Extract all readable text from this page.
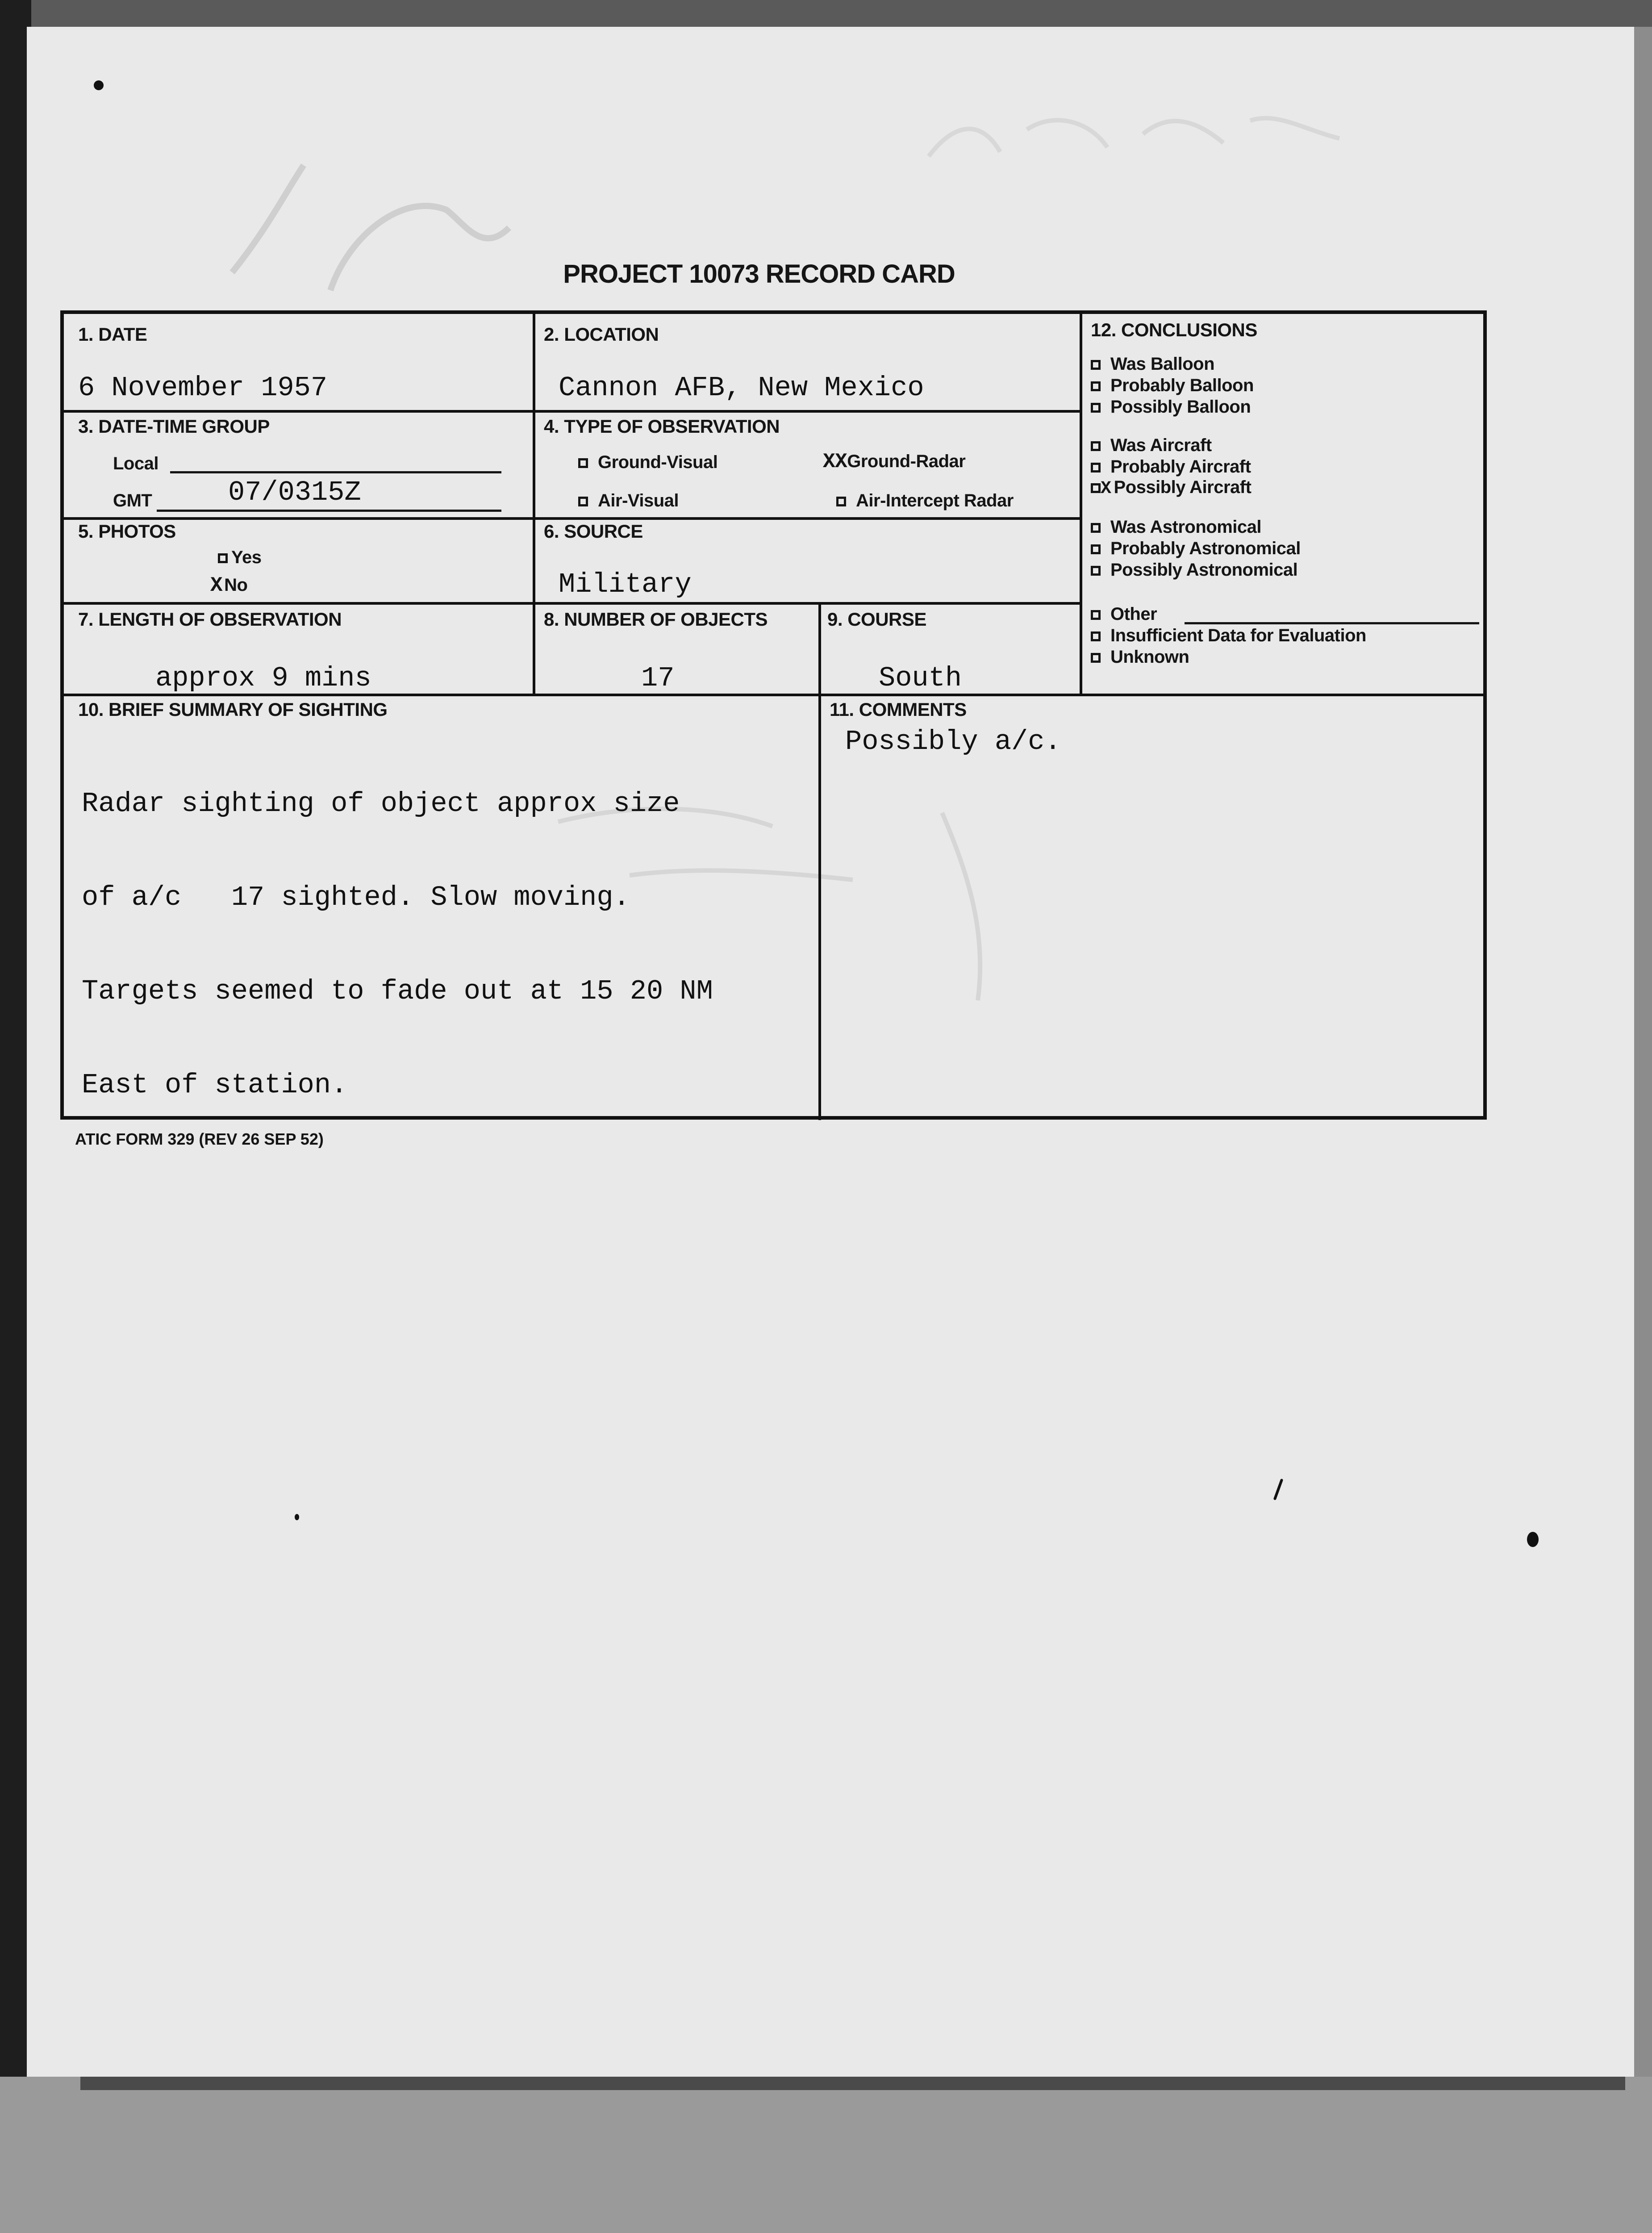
PROJECT 10073 RECORD CARD
1. DATE
6 November 1957
2. LOCATION
Cannon AFB, New Mexico
3. DATE-TIME GROUP
Local
GMT	07/0315Z
4. TYPE OF OBSERVATION
Ground-Visual	XXGround-Radar
Air-Visual	Air-Intercept Radar
5. PHOTOS
Yes
X No
6. SOURCE
Military
7. LENGTH OF OBSERVATION
approx 9 mins
8. NUMBER OF OBJECTS
17
9. COURSE
South
10. BRIEF SUMMARY OF SIGHTING

Radar sighting of object approx size

of a/c   17 sighted. Slow moving.

Targets seemed to fade out at 15 20 NM

East of station.

11. COMMENTS
Possibly a/c.
12. CONCLUSIONS
Was Balloon
Probably Balloon
Possibly Balloon
Was Aircraft
Probably Aircraft
X Possibly Aircraft
Was Astronomical
Probably Astronomical
Possibly Astronomical
Other
Insufficient Data for Evaluation
Unknown
ATIC FORM 329 (REV 26 SEP 52)
